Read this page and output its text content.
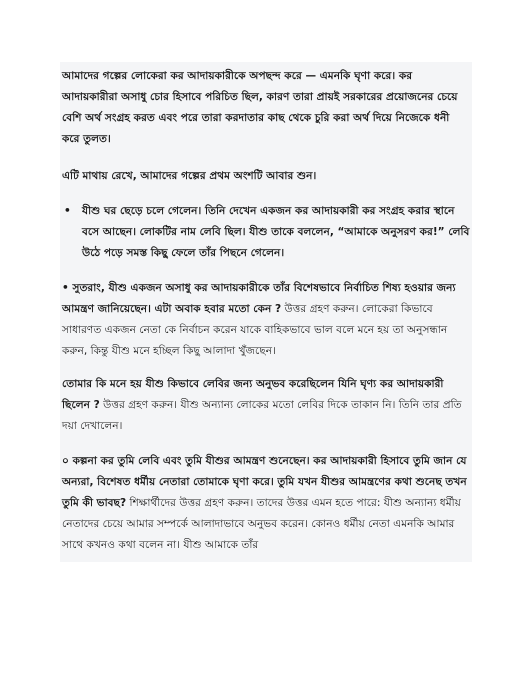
আমাদের গল্পের লোকেরা কর আদায়কারীকে অপছন্দ করে — এমনকি ঘৃণা করে। কর আদায়কারীরা অসাধু চোর হিসাবে পরিচিত ছিল, কারণ তারা প্রায়ই সরকারের প্রয়োজনের চেয়ে বেশি অর্থ সংগ্রহ করত এবং পরে তারা করদাতার কাছ থেকে চুরি করা অর্থ দিয়ে নিজেকে ধনী করে তুলত।

এটি মাথায় রেখে, আমাদের গল্পের প্রথম অংশটি আবার শুন।

• যীশু ঘর ছেড়ে চলে গেলেন। তিনি দেখেন একজন কর আদায়কারী কর সংগ্রহ করার স্থানে বসে আছেন। লোকটির নাম লেবি ছিল। যীশু তাকে বললেন, “আমাকে অনুসরণ কর!” লেবি উঠে পড়ে সমস্ত কিছু ফেলে তাঁর পিছনে গেলেন।

• সুতরাং, যীশু একজন অসাধু কর আদায়কারীকে তাঁর বিশেষভাবে নির্বাচিত শিষ্য হওয়ার জন্য আমন্ত্রণ জানিয়েছেন। এটা অবাক হবার মতো কেন ? উত্তর গ্রহণ করুন। লোকেরা কিভাবে সাধারণত একজন নেতা কে নির্বাচন করেন যাকে বাহিকভাবে ভাল বলে মনে হয় তা অনুসন্ধান করুন, কিন্তু যীশু মনে হচ্ছিল কিছু আলাদা খুঁজছেন।

তোমার কি মনে হয় যীশু কিভাবে লেবির জন্য অনুভব করেছিলেন যিনি ঘৃণ্য কর আদায়কারী ছিলেন ? উত্তর গ্রহণ করুন। যীশু অন্যান্য লোকের মতো লেবির দিকে তাকান নি। তিনি তার প্রতি দয়া দেখালেন।

০ কল্পনা কর তুমি লেবি এবং তুমি যীশুর আমন্ত্রণ শুনেছেন। কর আদায়কারী হিসাবে তুমি জান যে অন্যরা, বিশেষত ধর্মীয় নেতারা তোমাকে ঘৃণা করে। তুমি যখন যীশুর আমন্ত্রণের কথা শুনেছ তখন তুমি কী ভাবছ? শিক্ষার্থীদের উত্তর গ্রহণ করুন। তাদের উত্তর এমন হতে পারে: যীশু অন্যান্য ধর্মীয় নেতাদের চেয়ে আমার সম্পর্কে আলাদাভাবে অনুভব করেন। কোনও ধর্মীয় নেতা এমনকি আমার সাথে কখনও কথা বলেন না। যীশু আমাকে তাঁর
